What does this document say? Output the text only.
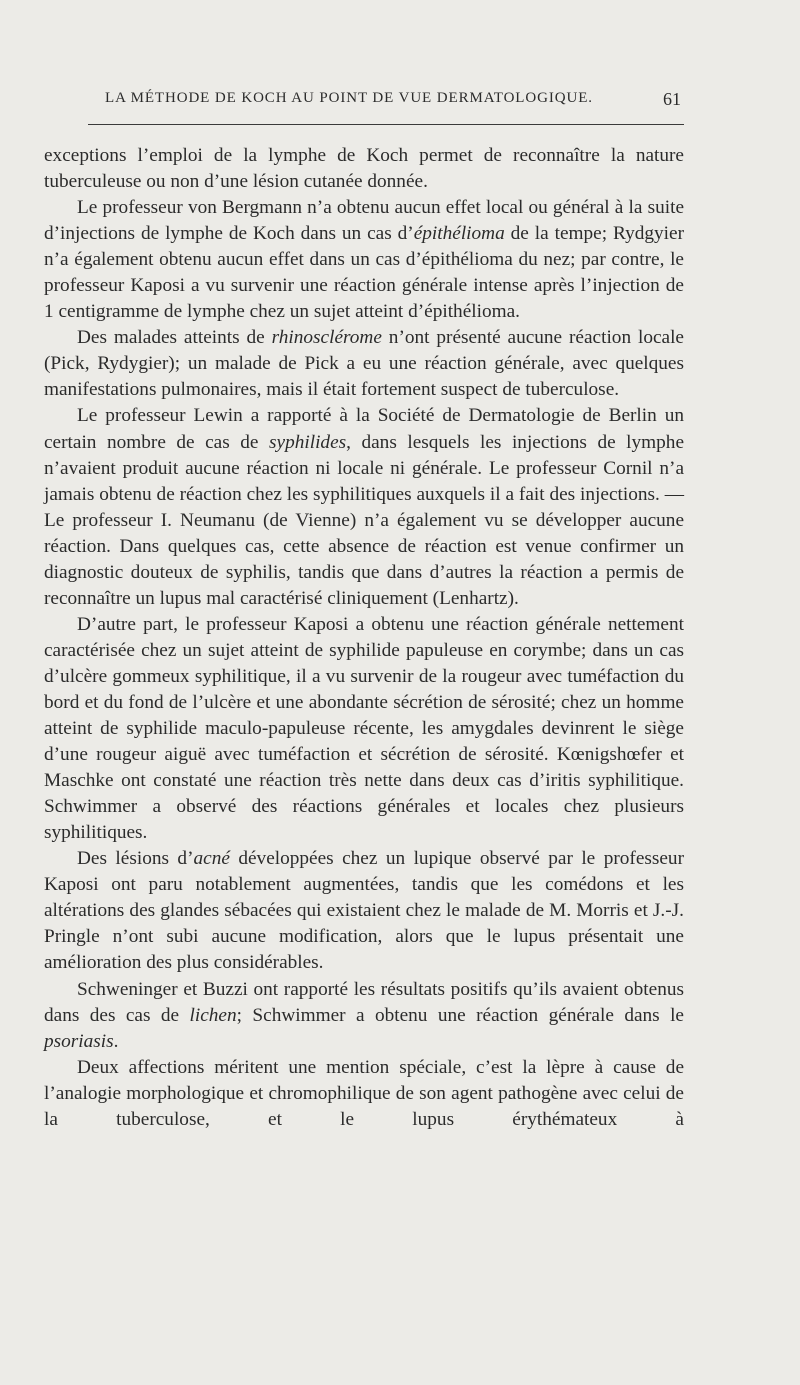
LA MÉTHODE DE KOCH AU POINT DE VUE DERMATOLOGIQUE.	61

exceptions l’emploi de la lymphe de Koch permet de reconnaître la nature tuberculeuse ou non d’une lésion cutanée donnée.

Le professeur von Bergmann n’a obtenu aucun effet local ou général à la suite d’injections de lymphe de Koch dans un cas d’épithélioma de la tempe; Rydgyier n’a également obtenu aucun effet dans un cas d’épithélioma du nez; par contre, le professeur Kaposi a vu survenir une réaction générale intense après l’injection de 1 centigramme de lymphe chez un sujet atteint d’épithélioma.

Des malades atteints de rhinosclérome n’ont présenté aucune réaction locale (Pick, Rydygier); un malade de Pick a eu une réaction générale, avec quelques manifestations pulmonaires, mais il était fortement suspect de tuberculose.

Le professeur Lewin a rapporté à la Société de Dermatologie de Berlin un certain nombre de cas de syphilides, dans lesquels les injections de lymphe n’avaient produit aucune réaction ni locale ni générale. Le professeur Cornil n’a jamais obtenu de réaction chez les syphilitiques auxquels il a fait des injections. — Le professeur I. Neumanu (de Vienne) n’a également vu se développer aucune réaction. Dans quelques cas, cette absence de réaction est venue confirmer un diagnostic douteux de syphilis, tandis que dans d’autres la réaction a permis de reconnaître un lupus mal caractérisé cliniquement (Lenhartz).

D’autre part, le professeur Kaposi a obtenu une réaction générale nettement caractérisée chez un sujet atteint de syphilide papuleuse en corymbe; dans un cas d’ulcère gommeux syphilitique, il a vu survenir de la rougeur avec tuméfaction du bord et du fond de l’ulcère et une abondante sécrétion de sérosité; chez un homme atteint de syphilide maculo-papuleuse récente, les amygdales devinrent le siège d’une rougeur aiguë avec tuméfaction et sécrétion de sérosité. Kœnigshœfer et Maschke ont constaté une réaction très nette dans deux cas d’iritis syphilitique. Schwimmer a observé des réactions générales et locales chez plusieurs syphilitiques.

Des lésions d’acné développées chez un lupique observé par le professeur Kaposi ont paru notablement augmentées, tandis que les comédons et les altérations des glandes sébacées qui existaient chez le malade de M. Morris et J.-J. Pringle n’ont subi aucune modification, alors que le lupus présentait une amélioration des plus considérables.

Schweninger et Buzzi ont rapporté les résultats positifs qu’ils avaient obtenus dans des cas de lichen; Schwimmer a obtenu une réaction générale dans le psoriasis.

Deux affections méritent une mention spéciale, c’est la lèpre à cause de l’analogie morphologique et chromophilique de son agent pathogène avec celui de la tuberculose, et le lupus érythémateux à
